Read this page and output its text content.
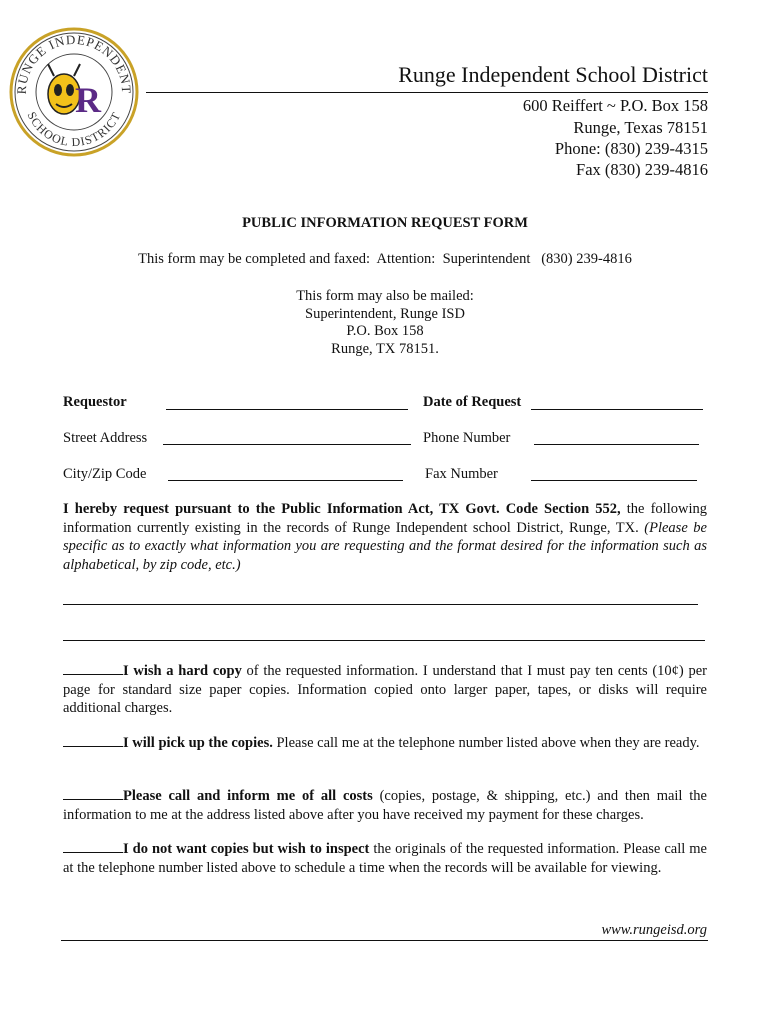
RUNGE INDEPENDENT
SCHOOL DISTRICT
R
Runge Independent School District
600 Reiffert ~ P.O. Box 158
Runge, Texas 78151
Phone: (830) 239-4315
Fax (830) 239-4816
PUBLIC INFORMATION REQUEST FORM
This form may be completed and faxed:  Attention:  Superintendent   (830) 239-4816
This form may also be mailed:
Superintendent, Runge ISD
P.O. Box 158
Runge, TX 78151.
Requestor	Date of Request
Street Address	Phone Number
City/Zip Code	Fax Number
I hereby request pursuant to the Public Information Act, TX Govt. Code Section 552, the following information currently existing in the records of Runge Independent school District, Runge, TX. (Please be specific as to exactly what information you are requesting and the format desired for the information such as alphabetical, by zip code, etc.)
I wish a hard copy of the requested information. I understand that I must pay ten cents (10¢) per page for standard size paper copies. Information copied onto larger paper, tapes, or disks will require additional charges.
I will pick up the copies. Please call me at the telephone number listed above when they are ready.
Please call and inform me of all costs (copies, postage, & shipping, etc.) and then mail the information to me at the address listed above after you have received my payment for these charges.
I do not want copies but wish to inspect the originals of the requested information. Please call me at the telephone number listed above to schedule a time when the records will be available for viewing.
www.rungeisd.org
